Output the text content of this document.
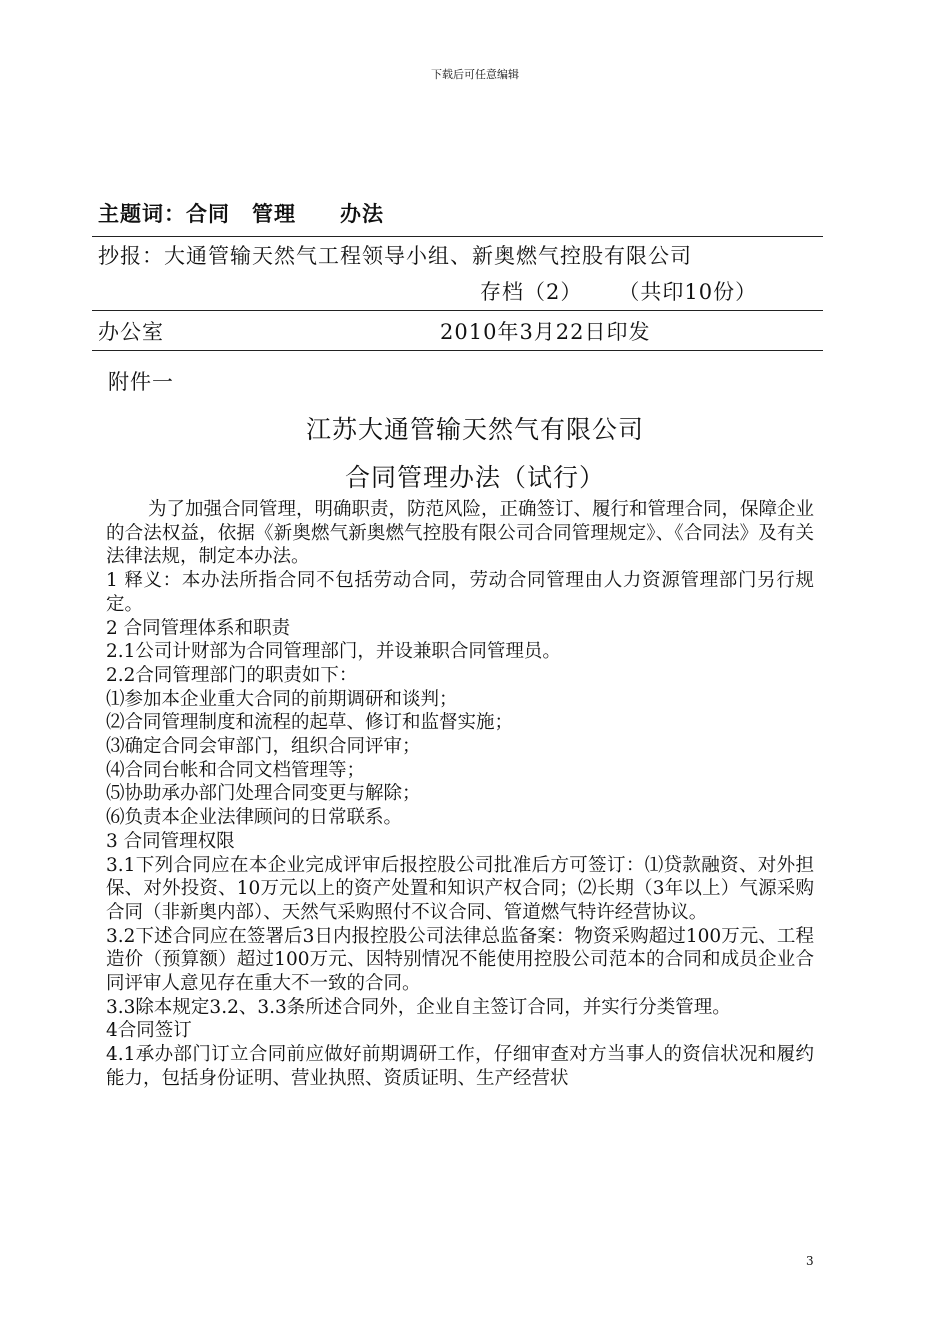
下载后可任意编辑
主题词：合同　管理　　办法
抄报：大通管输天然气工程领导小组、新奥燃气控股有限公司
存档（2） （共印10份）
办公室	2010年3月22日印发
附件一
江苏大通管输天然气有限公司
合同管理办法（试行）

为了加强合同管理，明确职责，防范风险，正确签订、履行和管理合同，保障企业的合法权益，依据《新奥燃气新奥燃气控股有限公司合同管理规定》、《合同法》及有关法律法规，制定本办法。

1 释义：本办法所指合同不包括劳动合同，劳动合同管理由人力资源管理部门另行规定。

2 合同管理体系和职责

2.1公司计财部为合同管理部门，并设兼职合同管理员。

2.2合同管理部门的职责如下：

⑴参加本企业重大合同的前期调研和谈判；

⑵合同管理制度和流程的起草、修订和监督实施；

⑶确定合同会审部门，组织合同评审；

⑷合同台帐和合同文档管理等；

⑸协助承办部门处理合同变更与解除；

⑹负责本企业法律顾问的日常联系。

3 合同管理权限

3.1下列合同应在本企业完成评审后报控股公司批准后方可签订：⑴贷款融资、对外担保、对外投资、10万元以上的资产处置和知识产权合同；⑵长期（3年以上）气源采购合同（非新奥内部）、天然气采购照付不议合同、管道燃气特许经营协议。

3.2下述合同应在签署后3日内报控股公司法律总监备案：物资采购超过100万元、工程造价（预算额）超过100万元、因特别情况不能使用控股公司范本的合同和成员企业合同评审人意见存在重大不一致的合同。

3.3除本规定3.2、3.3条所述合同外，企业自主签订合同，并实行分类管理。

4合同签订

4.1承办部门订立合同前应做好前期调研工作，仔细审查对方当事人的资信状况和履约能力，包括身份证明、营业执照、资质证明、生产经营状

3
